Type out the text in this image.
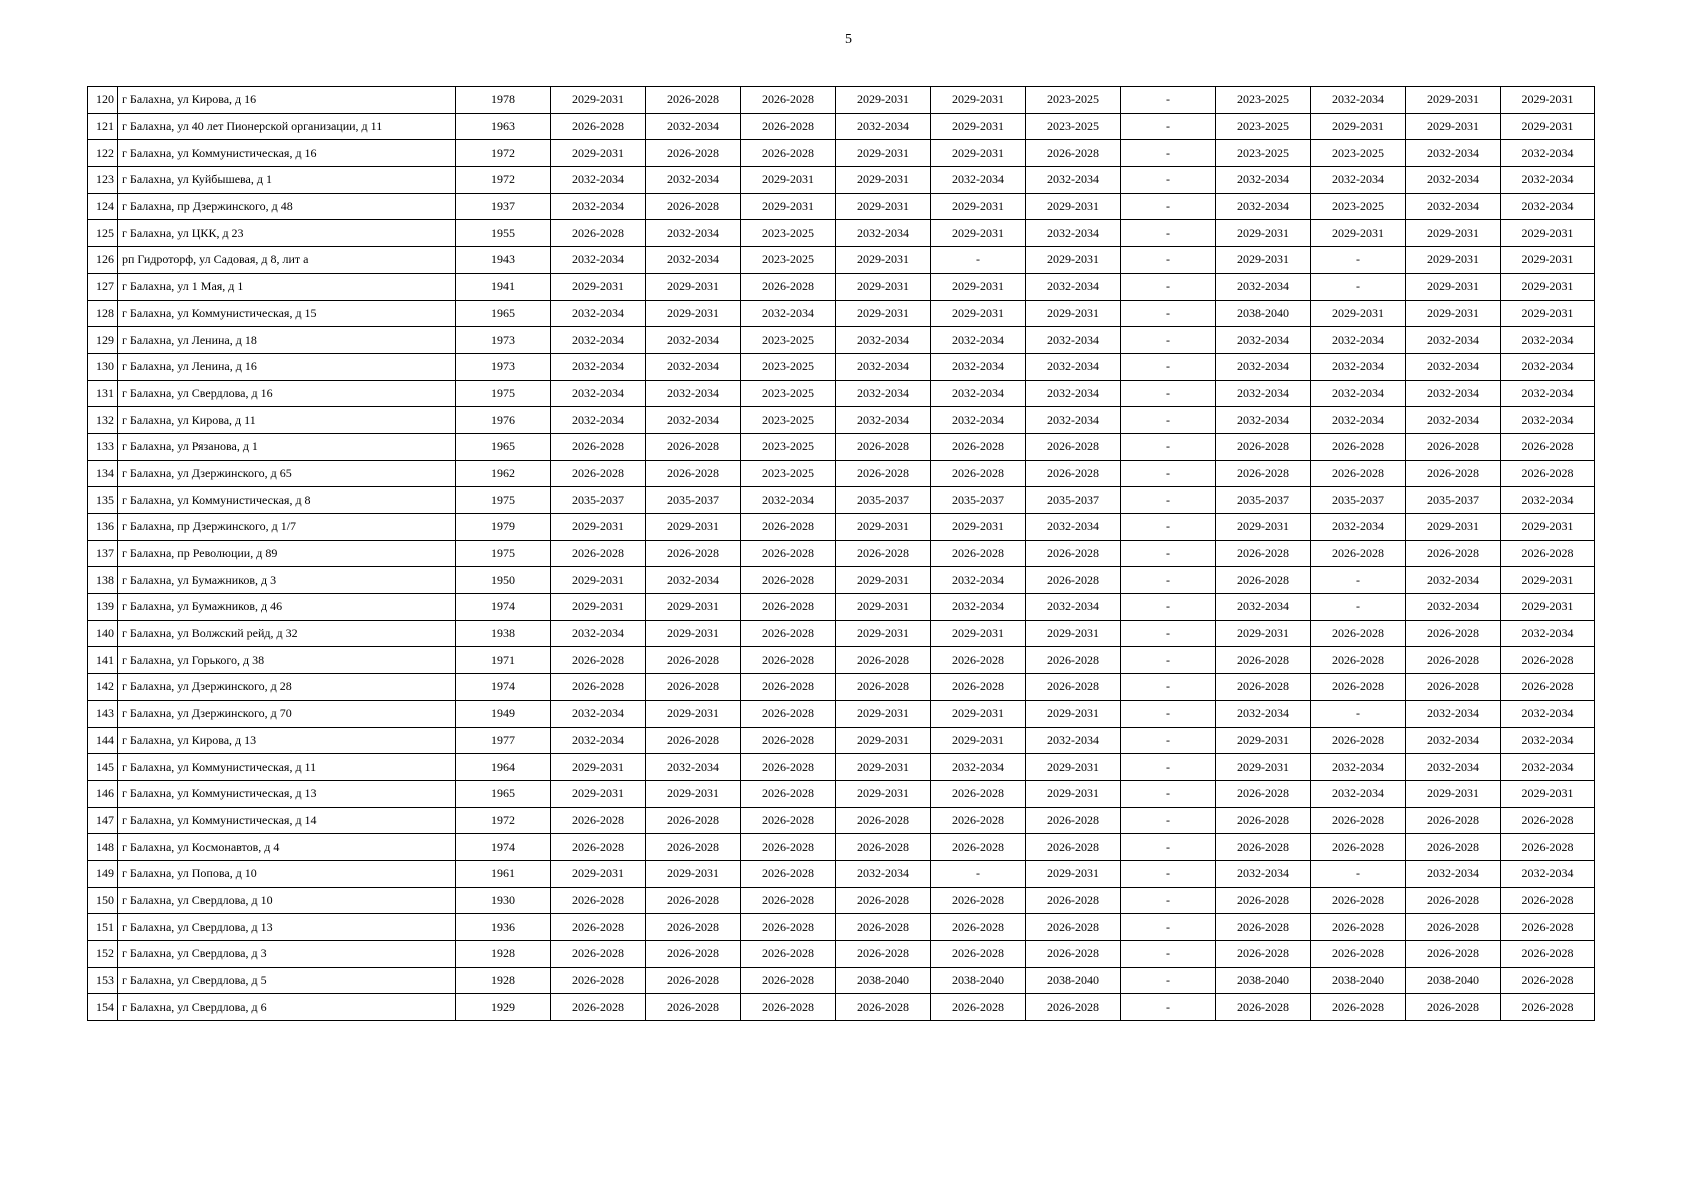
5
120	г Балахна, ул Кирова, д 16	1978	2029-2031	2026-2028	2026-2028	2029-2031	2029-2031	2023-2025	-	2023-2025	2032-2034	2029-2031	2029-2031
121	г Балахна, ул 40 лет Пионерской организации, д 11	1963	2026-2028	2032-2034	2026-2028	2032-2034	2029-2031	2023-2025	-	2023-2025	2029-2031	2029-2031	2029-2031
122	г Балахна, ул Коммунистическая, д 16	1972	2029-2031	2026-2028	2026-2028	2029-2031	2029-2031	2026-2028	-	2023-2025	2023-2025	2032-2034	2032-2034
123	г Балахна, ул Куйбышева, д 1	1972	2032-2034	2032-2034	2029-2031	2029-2031	2032-2034	2032-2034	-	2032-2034	2032-2034	2032-2034	2032-2034
124	г Балахна, пр Дзержинского, д 48	1937	2032-2034	2026-2028	2029-2031	2029-2031	2029-2031	2029-2031	-	2032-2034	2023-2025	2032-2034	2032-2034
125	г Балахна, ул ЦКК, д 23	1955	2026-2028	2032-2034	2023-2025	2032-2034	2029-2031	2032-2034	-	2029-2031	2029-2031	2029-2031	2029-2031
126	рп Гидроторф, ул Садовая, д 8, лит а	1943	2032-2034	2032-2034	2023-2025	2029-2031	-	2029-2031	-	2029-2031	-	2029-2031	2029-2031
127	г Балахна, ул 1 Мая, д 1	1941	2029-2031	2029-2031	2026-2028	2029-2031	2029-2031	2032-2034	-	2032-2034	-	2029-2031	2029-2031
128	г Балахна, ул Коммунистическая, д 15	1965	2032-2034	2029-2031	2032-2034	2029-2031	2029-2031	2029-2031	-	2038-2040	2029-2031	2029-2031	2029-2031
129	г Балахна, ул Ленина, д 18	1973	2032-2034	2032-2034	2023-2025	2032-2034	2032-2034	2032-2034	-	2032-2034	2032-2034	2032-2034	2032-2034
130	г Балахна, ул Ленина, д 16	1973	2032-2034	2032-2034	2023-2025	2032-2034	2032-2034	2032-2034	-	2032-2034	2032-2034	2032-2034	2032-2034
131	г Балахна, ул Свердлова, д 16	1975	2032-2034	2032-2034	2023-2025	2032-2034	2032-2034	2032-2034	-	2032-2034	2032-2034	2032-2034	2032-2034
132	г Балахна, ул Кирова, д 11	1976	2032-2034	2032-2034	2023-2025	2032-2034	2032-2034	2032-2034	-	2032-2034	2032-2034	2032-2034	2032-2034
133	г Балахна, ул Рязанова, д 1	1965	2026-2028	2026-2028	2023-2025	2026-2028	2026-2028	2026-2028	-	2026-2028	2026-2028	2026-2028	2026-2028
134	г Балахна, ул Дзержинского, д 65	1962	2026-2028	2026-2028	2023-2025	2026-2028	2026-2028	2026-2028	-	2026-2028	2026-2028	2026-2028	2026-2028
135	г Балахна, ул Коммунистическая, д 8	1975	2035-2037	2035-2037	2032-2034	2035-2037	2035-2037	2035-2037	-	2035-2037	2035-2037	2035-2037	2032-2034
136	г Балахна, пр Дзержинского, д 1/7	1979	2029-2031	2029-2031	2026-2028	2029-2031	2029-2031	2032-2034	-	2029-2031	2032-2034	2029-2031	2029-2031
137	г Балахна, пр Революции, д 89	1975	2026-2028	2026-2028	2026-2028	2026-2028	2026-2028	2026-2028	-	2026-2028	2026-2028	2026-2028	2026-2028
138	г Балахна, ул Бумажников, д 3	1950	2029-2031	2032-2034	2026-2028	2029-2031	2032-2034	2026-2028	-	2026-2028	-	2032-2034	2029-2031
139	г Балахна, ул Бумажников, д 46	1974	2029-2031	2029-2031	2026-2028	2029-2031	2032-2034	2032-2034	-	2032-2034	-	2032-2034	2029-2031
140	г Балахна, ул Волжский рейд, д 32	1938	2032-2034	2029-2031	2026-2028	2029-2031	2029-2031	2029-2031	-	2029-2031	2026-2028	2026-2028	2032-2034
141	г Балахна, ул Горького, д 38	1971	2026-2028	2026-2028	2026-2028	2026-2028	2026-2028	2026-2028	-	2026-2028	2026-2028	2026-2028	2026-2028
142	г Балахна, ул Дзержинского, д 28	1974	2026-2028	2026-2028	2026-2028	2026-2028	2026-2028	2026-2028	-	2026-2028	2026-2028	2026-2028	2026-2028
143	г Балахна, ул Дзержинского, д 70	1949	2032-2034	2029-2031	2026-2028	2029-2031	2029-2031	2029-2031	-	2032-2034	-	2032-2034	2032-2034
144	г Балахна, ул Кирова, д 13	1977	2032-2034	2026-2028	2026-2028	2029-2031	2029-2031	2032-2034	-	2029-2031	2026-2028	2032-2034	2032-2034
145	г Балахна, ул Коммунистическая, д 11	1964	2029-2031	2032-2034	2026-2028	2029-2031	2032-2034	2029-2031	-	2029-2031	2032-2034	2032-2034	2032-2034
146	г Балахна, ул Коммунистическая, д 13	1965	2029-2031	2029-2031	2026-2028	2029-2031	2026-2028	2029-2031	-	2026-2028	2032-2034	2029-2031	2029-2031
147	г Балахна, ул Коммунистическая, д 14	1972	2026-2028	2026-2028	2026-2028	2026-2028	2026-2028	2026-2028	-	2026-2028	2026-2028	2026-2028	2026-2028
148	г Балахна, ул Космонавтов, д 4	1974	2026-2028	2026-2028	2026-2028	2026-2028	2026-2028	2026-2028	-	2026-2028	2026-2028	2026-2028	2026-2028
149	г Балахна, ул Попова, д 10	1961	2029-2031	2029-2031	2026-2028	2032-2034	-	2029-2031	-	2032-2034	-	2032-2034	2032-2034
150	г Балахна, ул Свердлова, д 10	1930	2026-2028	2026-2028	2026-2028	2026-2028	2026-2028	2026-2028	-	2026-2028	2026-2028	2026-2028	2026-2028
151	г Балахна, ул Свердлова, д 13	1936	2026-2028	2026-2028	2026-2028	2026-2028	2026-2028	2026-2028	-	2026-2028	2026-2028	2026-2028	2026-2028
152	г Балахна, ул Свердлова, д 3	1928	2026-2028	2026-2028	2026-2028	2026-2028	2026-2028	2026-2028	-	2026-2028	2026-2028	2026-2028	2026-2028
153	г Балахна, ул Свердлова, д 5	1928	2026-2028	2026-2028	2026-2028	2038-2040	2038-2040	2038-2040	-	2038-2040	2038-2040	2038-2040	2026-2028
154	г Балахна, ул Свердлова, д 6	1929	2026-2028	2026-2028	2026-2028	2026-2028	2026-2028	2026-2028	-	2026-2028	2026-2028	2026-2028	2026-2028
